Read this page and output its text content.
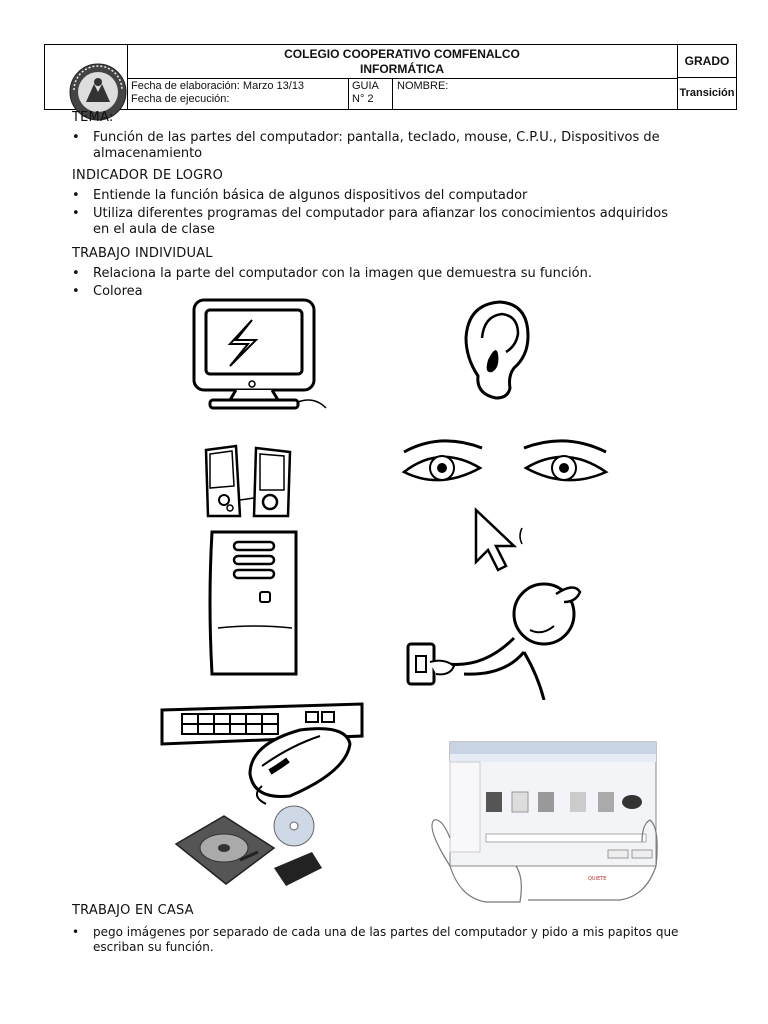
COLEGIO COOPERATIVO COMFENALCO
INFORMÁTICA
GRADO
Transición
Fecha de elaboración: Marzo 13/13
Fecha de ejecución:
GUIA
N° 2
NOMBRE:
TEMA:
• Función de las partes del computador: pantalla, teclado, mouse, C.P.U., Dispositivos de
almacenamiento
INDICADOR DE LOGRO
• Entiende la función básica de algunos dispositivos del computador
• Utiliza diferentes programas del computador para afianzar los conocimientos adquiridos
en el aula de clase
TRABAJO INDIVIDUAL
• Relaciona la parte del computador con la imagen que demuestra su función.
• Colorea
QUIETE
TRABAJO EN CASA
• pego imágenes por separado de cada una de las partes del computador y pido a mis papitos que
escriban su función.
